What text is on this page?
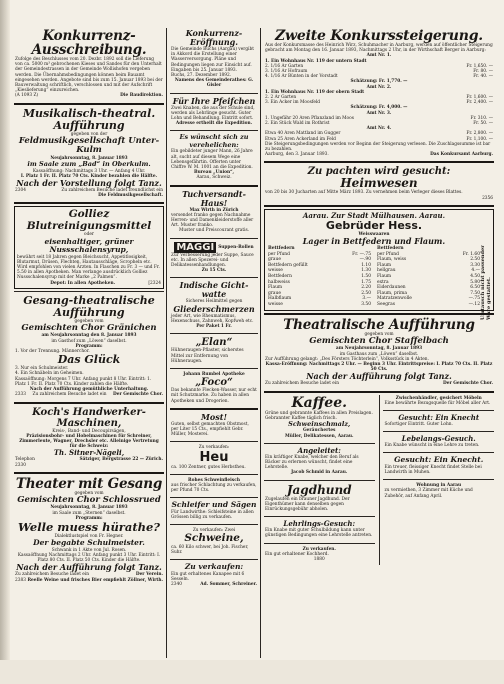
Konkurrenz-Ausschreibung.
Zufolge des Beschlusses vom 20. Dezbr. 1892 soll die Lieferung von ca. 5000 m³ gebrochenen Kieses und Sandes für den Unterhalt der Gemeindestrassen in der Gemeinde Wollishofen vergeben werden. Die Übernahmsbedingungen können beim Bauamt eingesehen werden. Angebote sind bis zum 15. Januar 1893 bei der Bauverwaltung schriftlich, verschlossen und mit der Aufschrift „Kieslieferung“ einzureichen.
(A 1093 Z)	Die Baudirektion.
Musikalisch-theatral. Aufführung
gegeben von der
Feldmusikgesellschaft Unter-Kulm
Neujahrsonntag, 8. Januar 1893
im Saale zum „Bad“ in Oberkulm.
Kassaöffnung: Nachmittags 3 Uhr. — Anfang 4 Uhr.
I. Platz 1 Fr. II. Platz 70 Cts. Kinder bezahlen die Hälfte.
Nach der Vorstellung folgt Tanz.
2304	Zu zahlreichem Besuche ladet freundlichst ein
Die Feldmusikgesellschaft.
Golliez Blutreinigungsmittel
oder
eisenhaltiger, grüner Nussschalensyrup,
bewährt seit 18 Jahren gegen Bleichsucht, Appetitlosigkeit, Blutarmut, Drüsen, Flechten, Hautausschläge, Scropheln etc. Wird empfohlen von vielen Ärzten. In Flaschen zu Fr. 3 — und Fr. 5.50 in allen Apotheken. Man verlange ausdrücklich Golliez Nussschalensyrup mit der Marke „2 Palmen“.
Depot: In allen Apotheken.	[2324
Gesang-theatralische Aufführung
gegeben vom
Gemischten Chor Gränichen
am Neujahrsonntag den 8. Januar 1893
im Gasthof zum „Löwen“ daselbst.
Programm:
1. Vor der Trennung. Männerchor.
Das Glück
3. Nur ein Schulmeister.
4. Ein Schnäbeln im Geheimen.
Kassaöffnung: Morgens 7 Uhr. Anfang punkt 8 Uhr. Eintritt: 1. Platz 1 Fr. II. Platz 70 Cts. Kinder zahlen die Hälfte.
Nach der Aufführung gemüthliche Unterhaltung.
2333 Zu zahlreichem Besuche ladet ein Der Gemischte Chor.
Koch's Handwerker-Maschinen,
Kreis-, Band- und Decoupirsägen,
Präzisionsbohr- und Hobelmaschinen für Schreiner, Zimmerleute, Wagner, Drechsler etc. Alleinige Vertretung für die Schweiz:
Th. Sitner-Nägeli,
Telephon	Sätziger, Bergstrasse 22 — Zürich.
2330
Theater mit Gesang
gegeben vom
Gemischten Chor Schlossrued
Neujahrsonntag, 8. Januar 1893
im Saale zum „Sternen“ daselbst.
Programm:
Welle muess hürathe?
Dialektlustspiel von Fr. Hegner.
Der begabte Schulmeister.
Schwank in 1 Akte von Jul. Rosen.
Kassaöffnung Nachmittags 2 Uhr. Anfang punkt 3 Uhr. Eintritt: I. Platz 80 Cts. II. Platz 50 Cts. Kinder die Hälfte.
Nach der Aufführung folgt Tanz.
Zu zahlreichem Besuche ladet ein	Der Verein.
2383 Reelle Weine und frisches Bier empfiehlt Zöllner, Wirth.
Konkurrenz-Eröffnung.
Die Gemeinde Buchs (Aargau) vergibt in Akkord die Erstellung einer Wasserversorgung. Pläne und Bedingungen liegen zur Einsicht auf. Eingaben bis 25. Januar 1893.
Buchs, 27. Dezember 1892.
Namens des Gemeinderathes: G. Gisler
Für Ihre Pfeifchen
Zwei Knaben, die aus der Schule sind, werden als Lehrlinge gesucht. Guter Lohn und Behandlung. Eintritt sofort.
Adresse ertheilt die Expedition.
Es wünscht sich zu verehelichen:
Ein gebildeter junger Mann, 26 Jahre alt, sucht auf diesem Wege eine Lebensgefährtin. Offerten unter Chiffre W. M. 1001 an die Expedition.
Bureau „Union“,
Aarau, Schweiz.
Tuchversandt-Haus!
Max Wirth in Zürich
versendet franko gegen Nachnahme Herren- und Damenkleiderstoffe aller Art. Muster franko.
Muster und Preiscourant gratis.
MAGGI Suppen-Rollen
Zur Verbesserung jeder Suppe, Sauce etc. In allen Spezerei- und Delikatessenhandlungen.
Zu 15 Cts.
Indische Gicht-watte
Sicheres Heilmittel gegen
Gliederschmerzen
jeder Art, wie Rheumatismus, Hexenschuss, Zahnweh, Kopfweh etc.
Per Paket 1 Fr.
„Elan“
Hühneraugen-Pflaster, sicherstes Mittel zur Entfernung von Hühneraugen.
Johann Rumbel Apotheke
„Foco“
Das bekannte Flecken-Wasser, nur echt mit Schutzmarke. Zu haben in allen Apotheken und Drogerien.
Most!
Guten, selbst gemachten Obstmost, per Liter 15 Cts., empfiehlt Gebr. Müller, Mosterei.
Zu verkaufen:
Heu
ca. 100 Zentner, gutes Herbstheu.
Rohes Schweinfleisch
aus frischer Schlachtung zu verkaufen, per Pfund 70 Cts.
Schleifer und Sägen
Für Landwirthe: Schleifsteine in allen Grössen billig zu verkaufen.
Zu verkaufen: Zwei
Schweine,
ca. 60 Kilo schwer, bei Joh. Fischer, Suhr.
Zu verkaufen:
Ein gut erhaltenes Kanapee mit 6 Sesseln.
2340	Ad. Sommer, Schreiner.
Zweite Konkurssteigerung.
Aus der Konkursmasse des Heinrich Wirz, Schuhmacher in Aarburg, werden auf öffentlicher Steigerung gebracht am Montag den 16. Januar 1893, Nachmittags 2 Uhr, in der Wirthschaft Berger in Aarburg:
Amt Nr. 1.
1. Ein Wohnhaus Nr. 119 der untern Stadt
2. 1/16 Ar Garten	Fr. 1,650. —
3. 1/16 Ar Hofraum	Fr. 80. —
4. 1/16 Ar Bünten in der Vorstadt	Fr. 40. —
Schätzung: Fr. 1,770. —
Amt Nr. 2.
1. Ein Wohnhaus Nr. 119 der obern Stadt
2. 2 Ar Garten	Fr. 1,600. —
3. Ein Acker im Moosfeld	Fr. 2,400. —
Schätzung: Fr. 4,000. —
Amt Nr. 3.
1. Ungefähr 20 Aren Pflanzland im Moos	Fr. 310. —
2. Ein Stück Wald im Rothrist	Fr. 50. —
Amt Nr. 4.
Etwa 40 Aren Mattland im Gugger	Fr. 2,800. —
Etwa 25 Aren Ackerland im Feld	Fr. 1,100. —
Die Steigerungsbedingungen werden vor Beginn der Steigerung verlesen. Die Zuschlagssumme ist bar zu bezahlen.
Aarburg, den 3. Januar 1893.	Das Konkursamt Aarburg.
Zu pachten wird gesucht:
Heimwesen
von 20 bis 30 Jucharten auf Mitte März 1893. Zu vernehmen beim Verleger dieses Blattes.
2356
Aarau. Zur Stadt Mülhausen. Aarau.
Gebrüder Hess.
Weisswaaren
Lager in Bettfedern und Flaum.
Bettfedern	
per Pfund	Fr. —.75
graue	—.90
Bettfedern gefüllt	1.10
weisse	1.30
Bettfedern	1.50
halbweiss	1.75
Flaum	2.20
graue	2.50
Halbflaum	3.—
weisse	3.50
Bettfedern	
per Pfund	Fr. 1.60
Flaum, weiss	2.50
Flaum	3.30
hellgrau	4.—
Flaum	4.50
extra	5.80
Eiderdaunen	6.50
Flaum, prima	7.50
Matratzenwolle	—.75
Seegras	—.12 Umtausch nicht passender Ware gestattet.
Theatralische Aufführung
gegeben vom
Gemischten Chor Staffelbach
am Neujahrsonntag, 8. Januar 1893
im Gasthaus zum „Löwen“ daselbst.
Zur Aufführung gelangt: „Des Försters Töchterlein“, Volksstück in 4 Akten.
Kassa-Eröffnung: Nachmittags 2 Uhr. — Beginn 3 Uhr. Eintrittspreise: I. Platz 70 Cts. II. Platz 50 Cts.
Nach der Aufführung folgt Tanz.
Zu zahlreichem Besuche ladet ein	Der Gemischte Chor.
Kaffee.
Grüne und gebrannte Kaffees in allen Preislagen. Gebrannter Kaffee täglich frisch.
Schweinschmalz,
Geräuchertes
Müller, Delikatessen, Aarau.
Angeleitet:
Ein kräftiger Knabe, welcher den Beruf als Bäcker zu erlernen wünscht, findet eine Lehrstelle.
Jacob Schmid in Aarau.
Jagdhund
Zugelaufen ein brauner Jagdhund. Der Eigenthümer kann denselben gegen Einrückungsgebühr abholen.
Lehrlings-Gesuch:
Ein Knabe mit guter Schulbildung kann unter günstigen Bedingungen eine Lehrstelle antreten.
Zu verkaufen.
Ein gut erhaltener Kochherd.
1880
Zwischenhändler, gesichert Möbeln
Eine bewährte Bezugsquelle für Möbel aller Art.
Gesucht: Ein Knecht
Sofortiger Eintritt. Guter Lohn.
Lebelangs-Gesuch.
Ein Knabe wünscht in eine Lehre zu treten.
Gesucht: Ein Knecht.
Ein treuer, fleissiger Knecht findet Stelle bei Landwirth in Muhen.
Wohnung in Aarau
zu vermiethen, 3 Zimmer mit Küche und Zubehör, auf Anfang April.
